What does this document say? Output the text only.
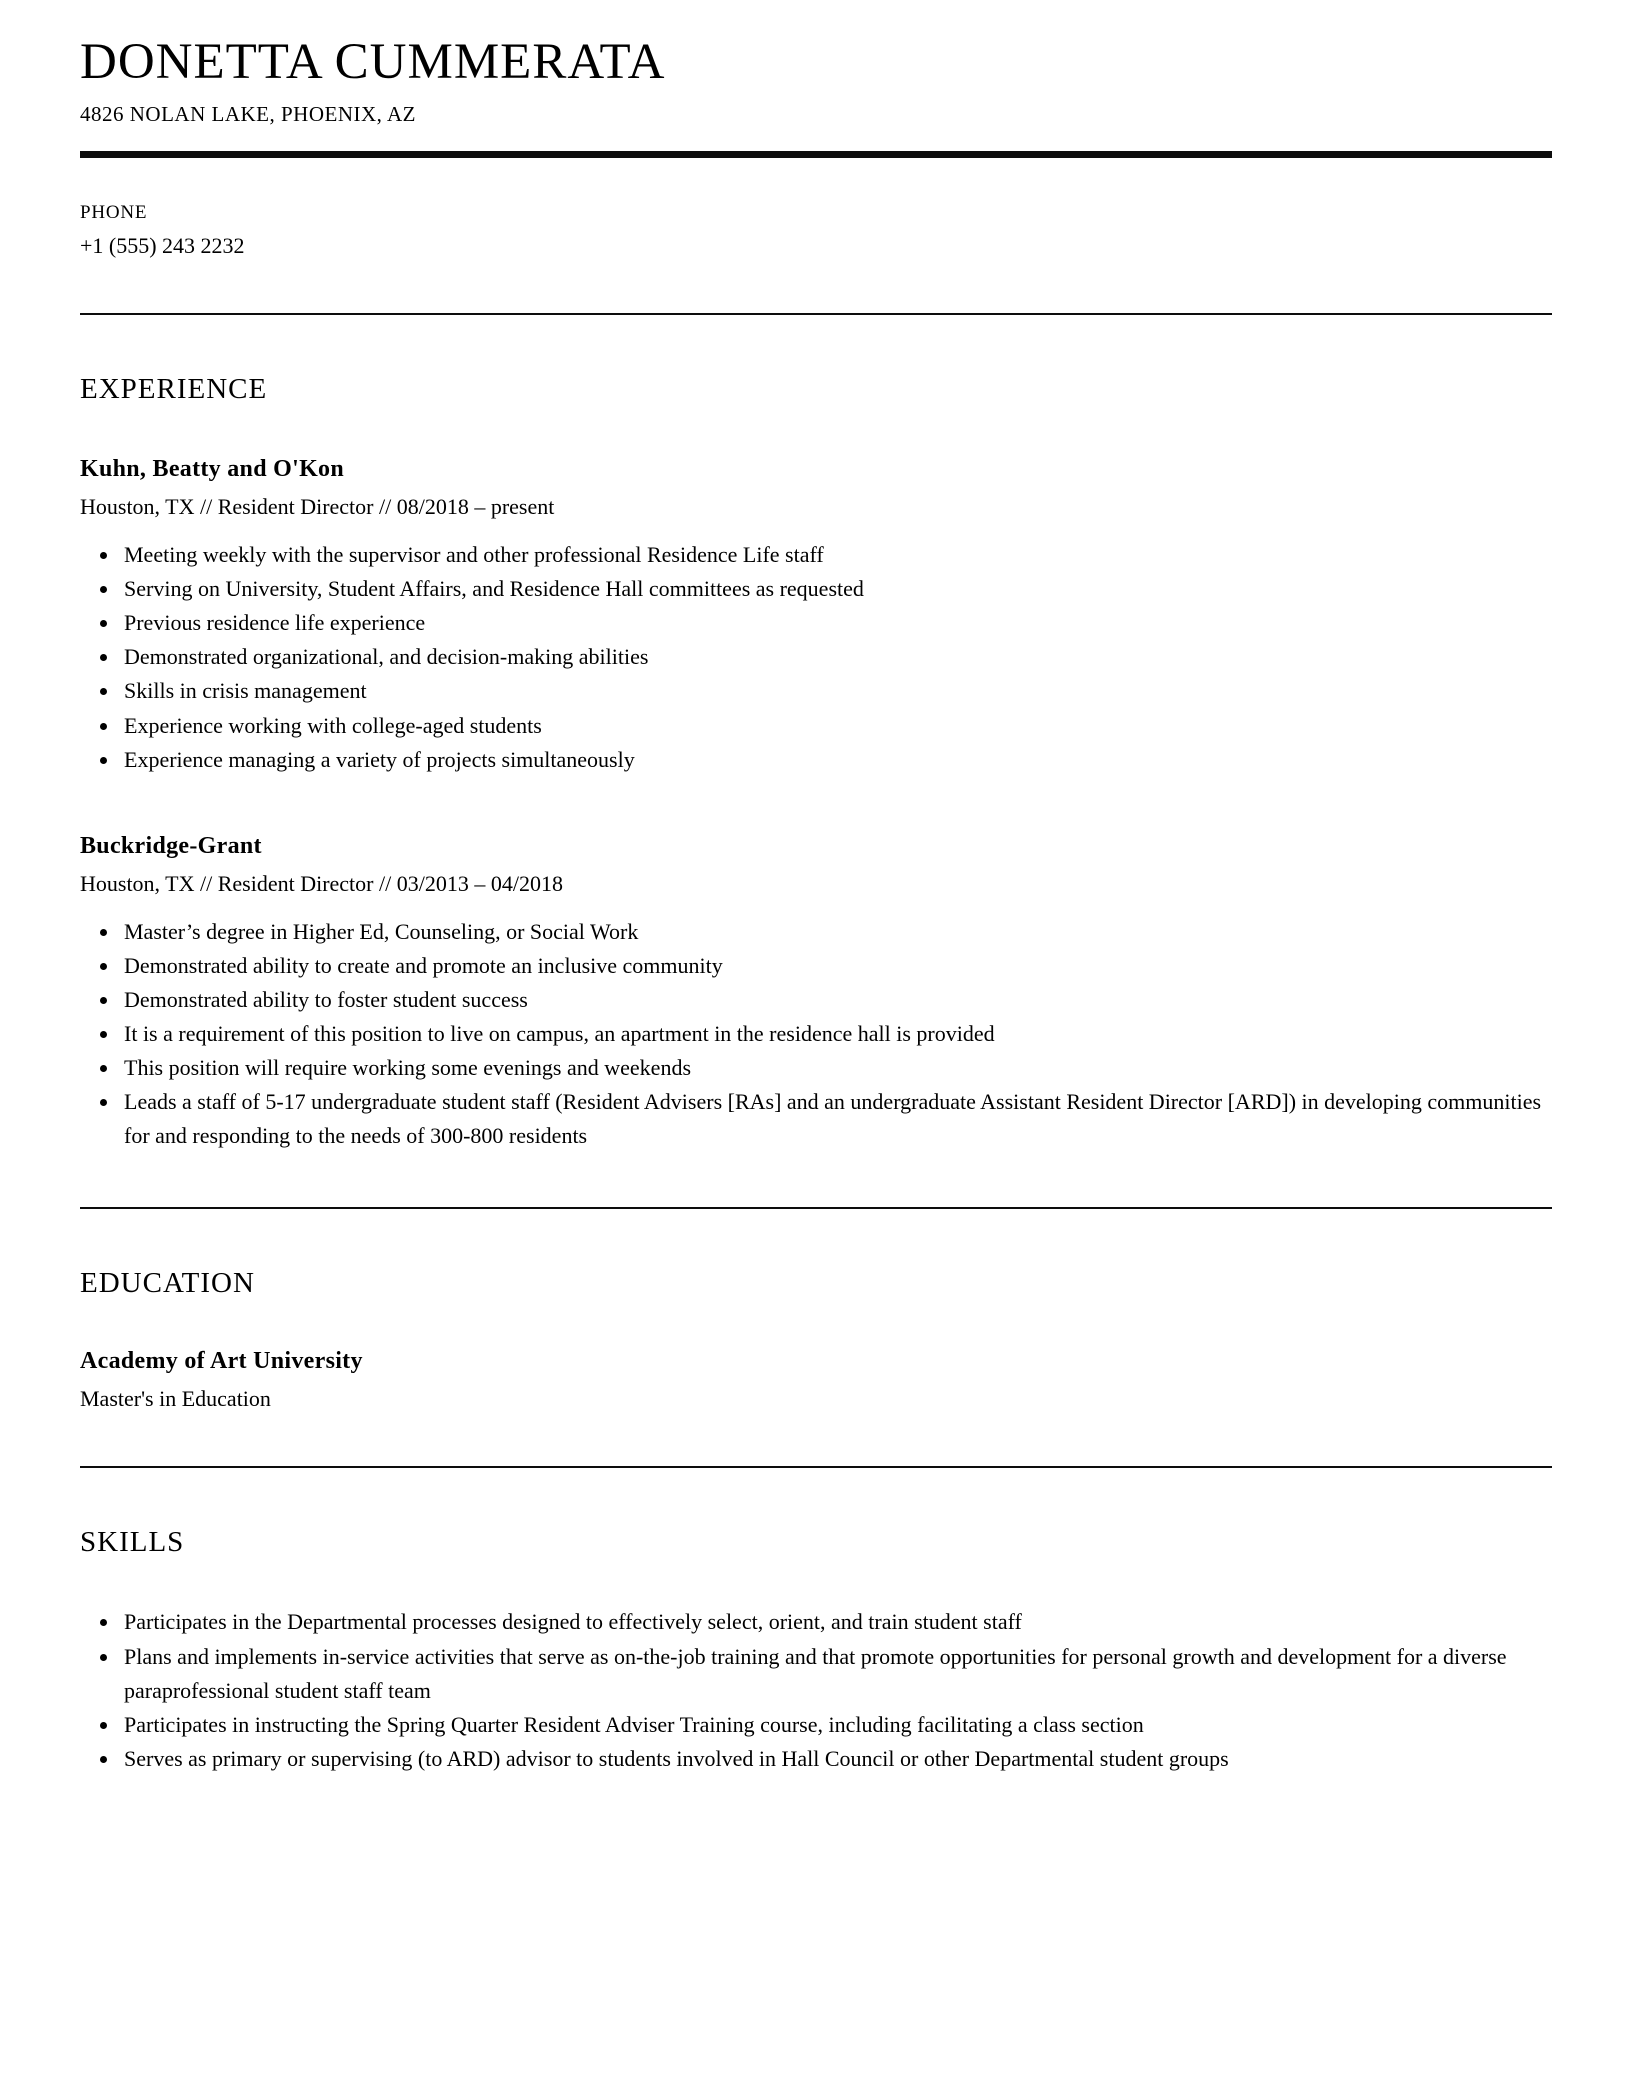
DONETTA CUMMERATA
4826 NOLAN LAKE, PHOENIX, AZ
PHONE
+1 (555) 243 2232
EXPERIENCE
Kuhn, Beatty and O'Kon
Houston, TX // Resident Director // 08/2018 – present
• Meeting weekly with the supervisor and other professional Residence Life staff
• Serving on University, Student Affairs, and Residence Hall committees as requested
• Previous residence life experience
• Demonstrated organizational, and decision-making abilities
• Skills in crisis management
• Experience working with college-aged students
• Experience managing a variety of projects simultaneously
Buckridge-Grant
Houston, TX // Resident Director // 03/2013 – 04/2018
• Master’s degree in Higher Ed, Counseling, or Social Work
• Demonstrated ability to create and promote an inclusive community
• Demonstrated ability to foster student success
• It is a requirement of this position to live on campus, an apartment in the residence hall is provided
• This position will require working some evenings and weekends
• Leads a staff of 5-17 undergraduate student staff (Resident Advisers [RAs] and an undergraduate Assistant Resident Director [ARD]) in developing communities for and responding to the needs of 300-800 residents
EDUCATION
Academy of Art University
Master's in Education
SKILLS
• Participates in the Departmental processes designed to effectively select, orient, and train student staff
• Plans and implements in-service activities that serve as on-the-job training and that promote opportunities for personal growth and development for a diverse paraprofessional student staff team
• Participates in instructing the Spring Quarter Resident Adviser Training course, including facilitating a class section
• Serves as primary or supervising (to ARD) advisor to students involved in Hall Council or other Departmental student groups
